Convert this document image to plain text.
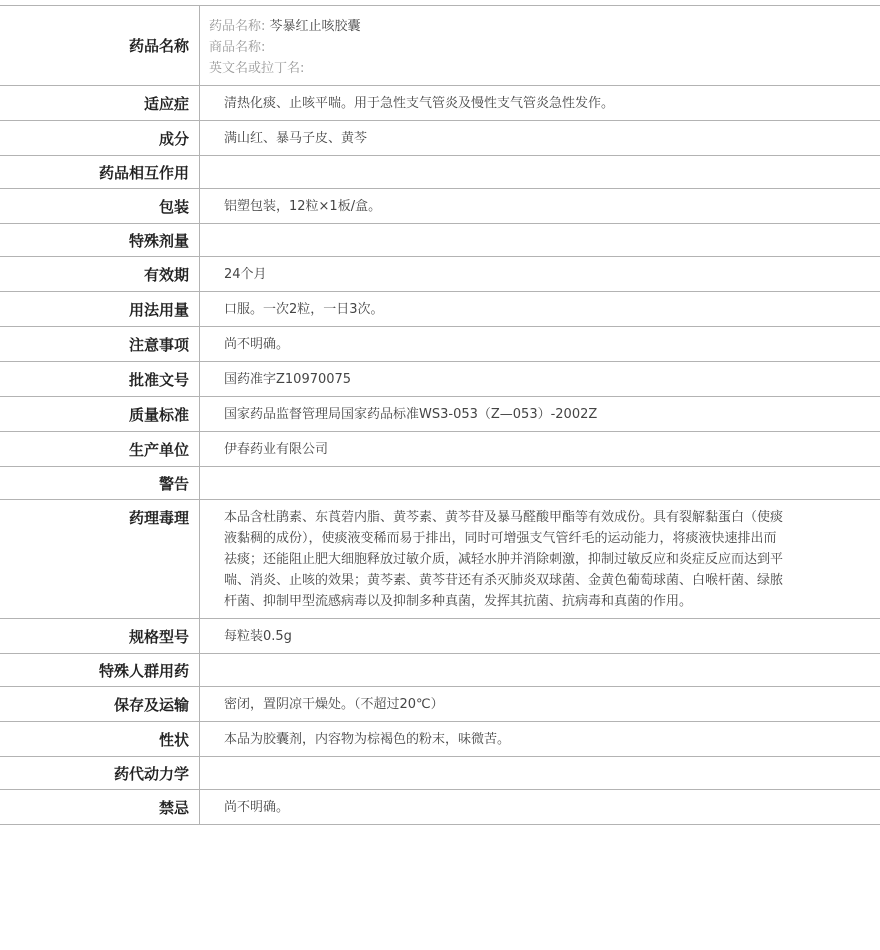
药品名称
药品名称: 芩暴红止咳胶囊
商品名称:
英文名或拉丁名:
适应症	清热化痰、止咳平喘。用于急性支气管炎及慢性支气管炎急性发作。
成分	满山红、暴马子皮、黄芩
药品相互作用
包装	铝塑包装，12粒×1板/盒。
特殊剂量
有效期	24个月
用法用量	口服。一次2粒，一日3次。
注意事项	尚不明确。
批准文号	国药准字Z10970075
质量标准	国家药品监督管理局国家药品标准WS3-053（Z—053）-2002Z
生产单位	伊春药业有限公司
警告
药理毒理	本品含杜鹃素、东莨菪内脂、黄芩素、黄芩苷及暴马醛酸甲酯等有效成份。具有裂解黏蛋白（使痰液黏稠的成份），使痰液变稀而易于排出，同时可增强支气管纤毛的运动能力，将痰液快速排出而祛痰；还能阻止肥大细胞释放过敏介质，减轻水肿并消除刺激，抑制过敏反应和炎症反应而达到平喘、消炎、止咳的效果；黄芩素、黄芩苷还有杀灭肺炎双球菌、金黄色葡萄球菌、白喉杆菌、绿脓杆菌、抑制甲型流感病毒以及抑制多种真菌，发挥其抗菌、抗病毒和真菌的作用。
规格型号	每粒装0.5g
特殊人群用药
保存及运输	密闭，置阴凉干燥处。（不超过20℃）
性状	本品为胶囊剂，内容物为棕褐色的粉末，味微苦。
药代动力学
禁忌	尚不明确。
